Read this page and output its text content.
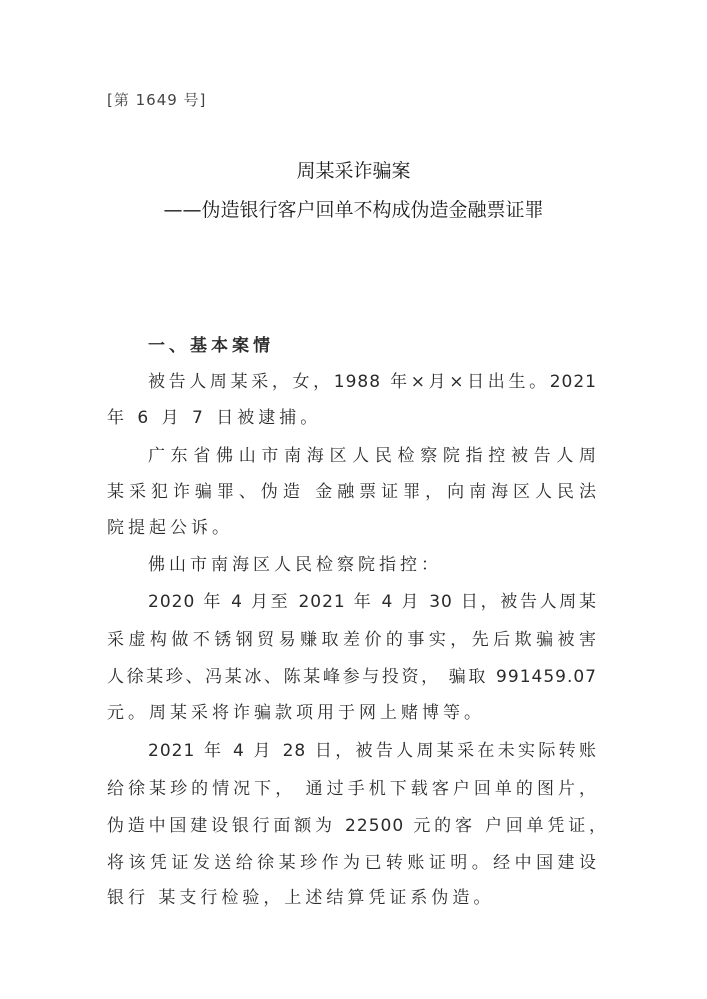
[第 1649 号]
周某采诈骗案
——伪造银行客户回单不构成伪造金融票证罪
一、基本案情
被告人周某采，女，1988 年×月×日出生。2021
年 6 月 7 日被逮捕。
广东省佛山市南海区人民检察院指控被告人周
某采犯诈骗罪、伪造 金融票证罪，向南海区人民法
院提起公诉。
佛山市南海区人民检察院指控：
2020 年 4 月至 2021 年 4 月 30 日，被告人周某
采虚构做不锈钢贸易赚取差价的事实，先后欺骗被害
人徐某珍、冯某冰、陈某峰参与投资， 骗取 991459.07
元。周某采将诈骗款项用于网上赌博等。
2021 年 4 月 28 日，被告人周某采在未实际转账
给徐某珍的情况下， 通过手机下载客户回单的图片，
伪造中国建设银行面额为 22500 元的客 户回单凭证，
将该凭证发送给徐某珍作为已转账证明。经中国建设
银行 某支行检验，上述结算凭证系伪造。
